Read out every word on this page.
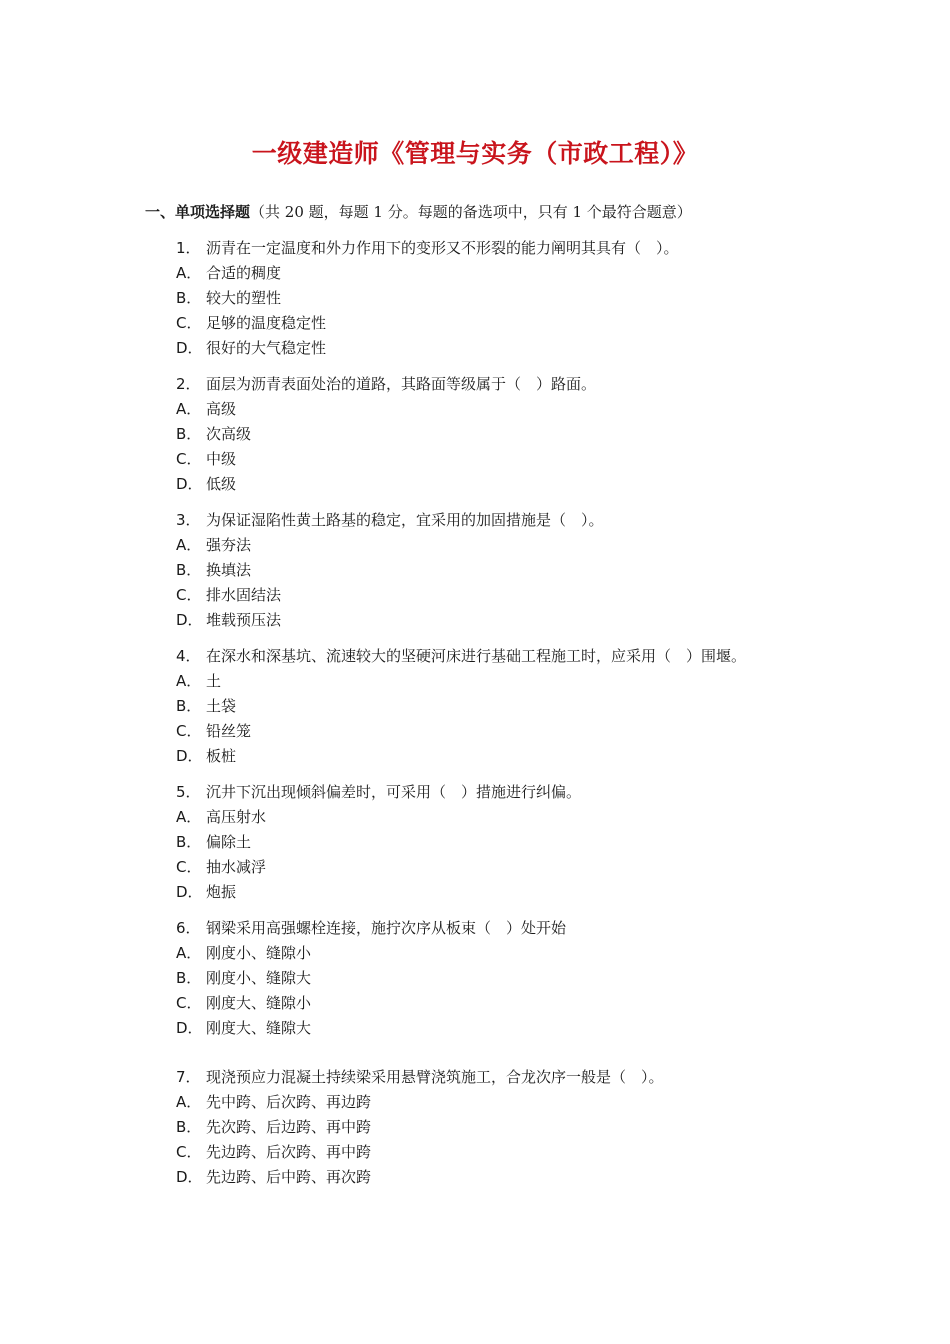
一级建造师《管理与实务（市政工程）》
一、单项选择题（共 20 题，每题 1 分。每题的备选项中，只有 1 个最符合题意）
1． 沥青在一定温度和外力作用下的变形又不形裂的能力阐明其具有（　）。
A． 合适的稠度
B． 较大的塑性
C． 足够的温度稳定性
D． 很好的大气稳定性
2． 面层为沥青表面处治的道路，其路面等级属于（　）路面。
A． 高级
B． 次高级
C． 中级
D． 低级
3． 为保证湿陷性黄土路基的稳定，宜采用的加固措施是（　）。
A． 强夯法
B． 换填法
C． 排水固结法
D． 堆载预压法
4． 在深水和深基坑、流速较大的坚硬河床进行基础工程施工时，应采用（　）围堰。
A． 土
B． 土袋
C． 铅丝笼
D． 板桩
5． 沉井下沉出现倾斜偏差时，可采用（　）措施进行纠偏。
A． 高压射水
B． 偏除土
C． 抽水减浮
D． 炮振
6． 钢梁采用高强螺栓连接，施拧次序从板束（　）处开始
A． 刚度小、缝隙小
B． 刚度小、缝隙大
C． 刚度大、缝隙小
D． 刚度大、缝隙大
7． 现浇预应力混凝土持续梁采用悬臂浇筑施工，合龙次序一般是（　）。
A． 先中跨、后次跨、再边跨
B． 先次跨、后边跨、再中跨
C． 先边跨、后次跨、再中跨
D． 先边跨、后中跨、再次跨
